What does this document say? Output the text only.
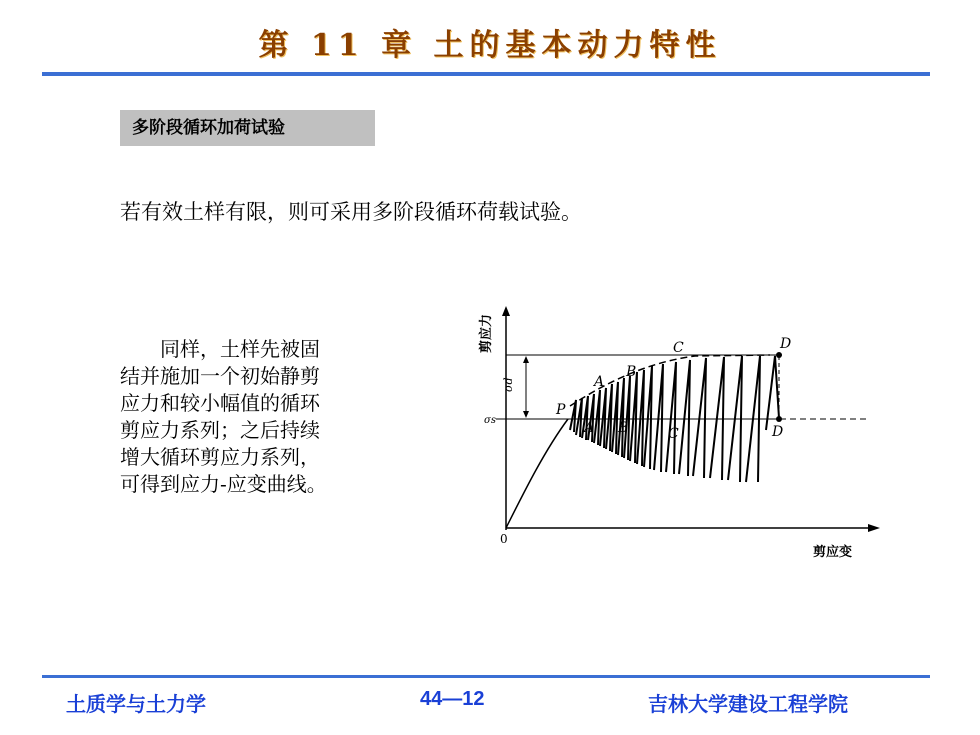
第 11 章 土的基本动力特性
多阶段循环加荷试验
若有效土样有限，则可采用多阶段循环荷载试验。
同样，土样先被固
结并施加一个初始静剪
应力和较小幅值的循环
剪应力系列；之后持续
增大循环剪应力系列，
可得到应力-应变曲线。
剪应力
剪应变
0
σd
σs
P
A
B
C	D
A B	C	D
土质学与土力学	44—12	吉林大学建设工程学院
